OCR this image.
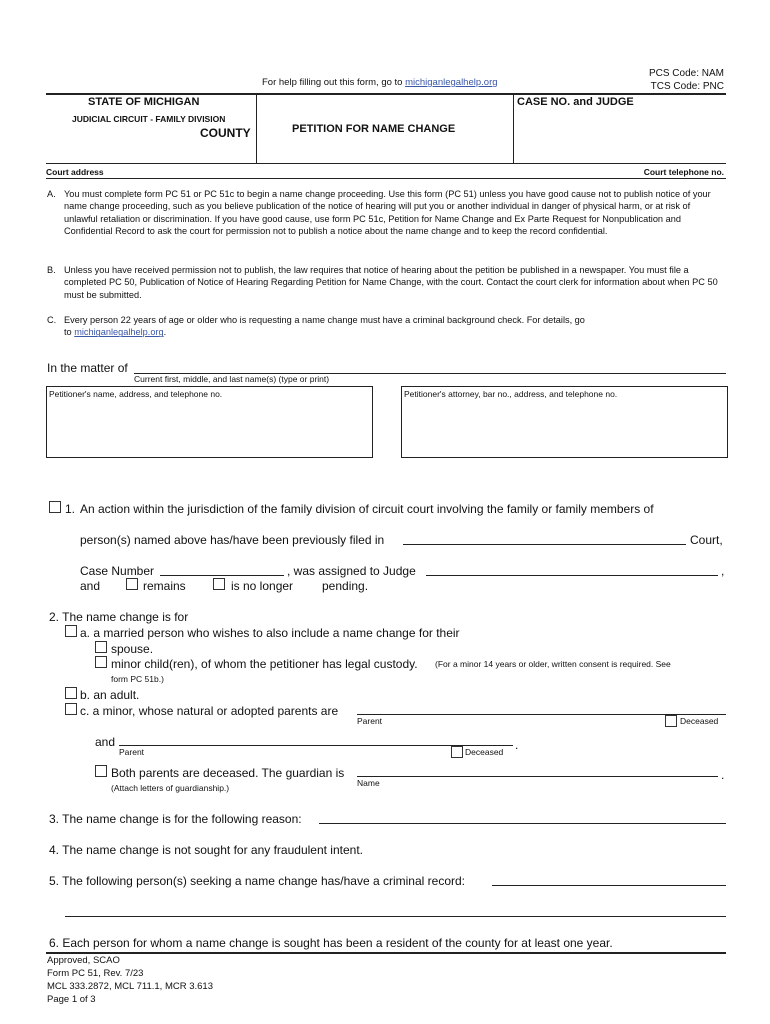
PCS Code: NAM
TCS Code: PNC
For help filling out this form, go to michiganlegalhelp.org
STATE OF MICHIGAN
JUDICIAL CIRCUIT - FAMILY DIVISION
COUNTY	PETITION FOR NAME CHANGE
CASE NO. and JUDGE
Court address	Court telephone no.
A. You must complete form PC 51 or PC 51c to begin a name change proceeding. Use this form (PC 51) unless you have good cause not to publish notice of your name change proceeding, such as you believe publication of the notice of hearing will put you or another individual in danger of physical harm, or at risk of unlawful retaliation or discrimination. If you have good cause, use form PC 51c, Petition for Name Change and Ex Parte Request for Nonpublication and Confidential Record to ask the court for permission not to publish a notice about the name change and to keep the record confidential.
B. Unless you have received permission not to publish, the law requires that notice of hearing about the petition be published in a newspaper. You must file a completed PC 50, Publication of Notice of Hearing Regarding Petition for Name Change, with the court. Contact the court clerk for information about when PC 50 must be submitted.
C. Every person 22 years of age or older who is requesting a name change must have a criminal background check. For details, go
to michiganlegalhelp.org.
In the matter of
Current first, middle, and last name(s) (type or print)
Petitioner's name, address, and telephone no.	Petitioner's attorney, bar no., address, and telephone no.
1. An action within the jurisdiction of the family division of circuit court involving the family or family members of
person(s) named above has/have been previously filed in	Court,
Case Number	, was assigned to Judge	,
and	remains	is no longer pending.
2. The name change is for
a. a married person who wishes to also include a name change for their
spouse.
minor child(ren), of whom the petitioner has legal custody. (For a minor 14 years or older, written consent is required. See
form PC 51b.)
b. an adult.
c. a minor, whose natural or adopted parents are
Parent	Deceased
and	.
Parent	Deceased
Both parents are deceased. The guardian is	.
(Attach letters of guardianship.)	Name
3. The name change is for the following reason:
4. The name change is not sought for any fraudulent intent.
5. The following person(s) seeking a name change has/have a criminal record:
6. Each person for whom a name change is sought has been a resident of the county for at least one year.
Approved, SCAO
Form PC 51, Rev. 7/23
MCL 333.2872, MCL 711.1, MCR 3.613
Page 1 of 3
